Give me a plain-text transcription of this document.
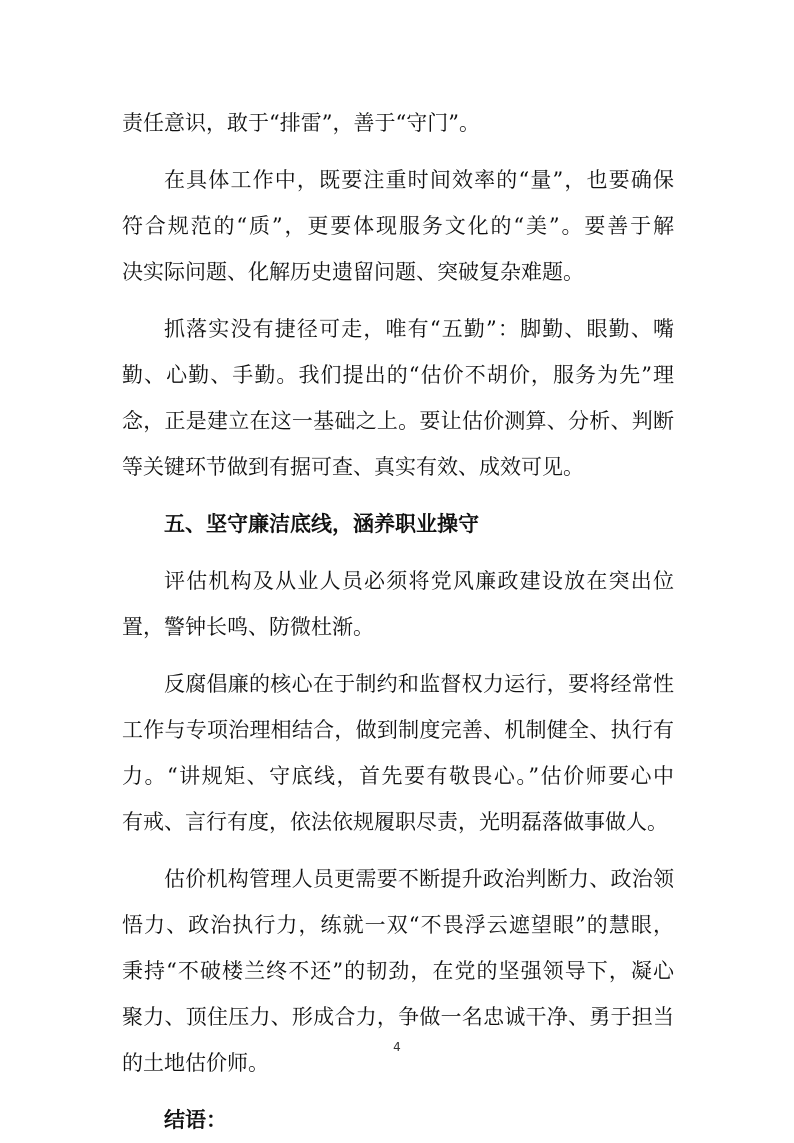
责任意识，敢于“排雷”，善于“守门”。
在具体工作中，既要注重时间效率的“量”，也要确保
符合规范的“质”，更要体现服务文化的“美”。要善于解
决实际问题、化解历史遗留问题、突破复杂难题。
抓落实没有捷径可走，唯有“五勤”：脚勤、眼勤、嘴
勤、心勤、手勤。我们提出的“估价不胡价，服务为先”理
念，正是建立在这一基础之上。要让估价测算、分析、判断
等关键环节做到有据可查、真实有效、成效可见。
五、坚守廉洁底线，涵养职业操守
评估机构及从业人员必须将党风廉政建设放在突出位
置，警钟长鸣、防微杜渐。
反腐倡廉的核心在于制约和监督权力运行，要将经常性
工作与专项治理相结合，做到制度完善、机制健全、执行有
力。“讲规矩、守底线，首先要有敬畏心。”估价师要心中
有戒、言行有度，依法依规履职尽责，光明磊落做事做人。
估价机构管理人员更需要不断提升政治判断力、政治领
悟力、政治执行力，练就一双“不畏浮云遮望眼”的慧眼，
秉持“不破楼兰终不还”的韧劲，在党的坚强领导下，凝心
聚力、顶住压力、形成合力，争做一名忠诚干净、勇于担当
的土地估价师。
结语：
4
